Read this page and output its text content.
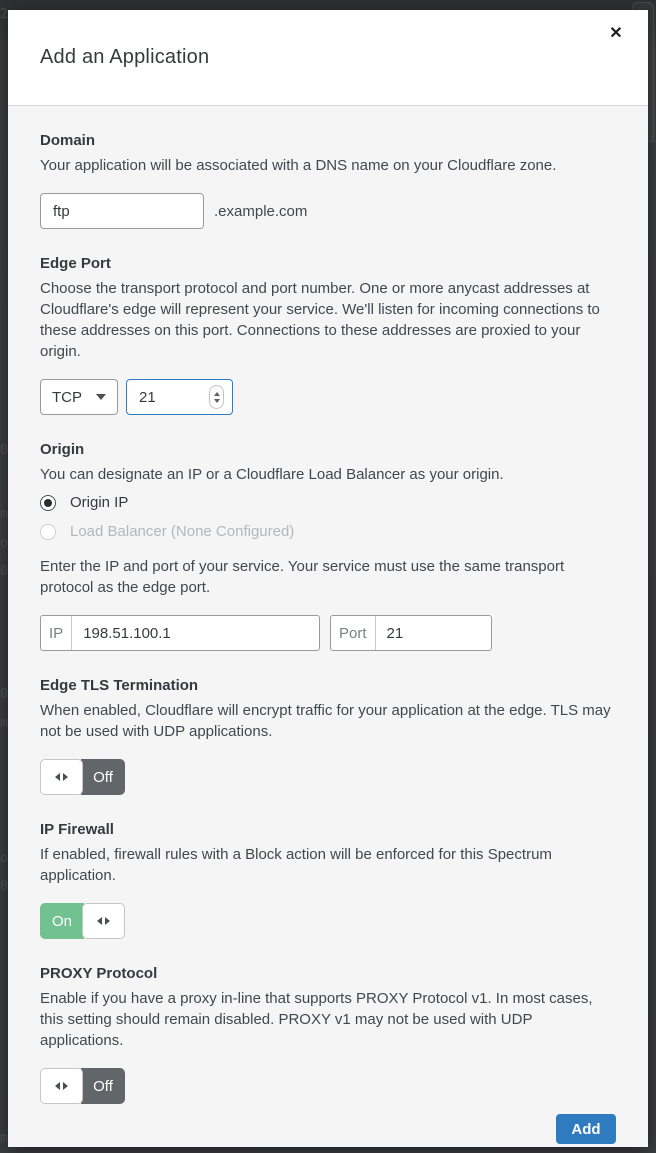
2
0
m
o
0
0
m
o
0
m
Add an Application
✕
Domain
Your application will be associated with a DNS name on your Cloudflare zone.
ftp	.example.com
Edge Port
Choose the transport protocol and port number. One or more anycast addresses at Cloudflare's edge will represent your service. We'll listen for incoming connections to these addresses on this port. Connections to these addresses are proxied to your origin.
TCP	21
Origin
You can designate an IP or a Cloudflare Load Balancer as your origin.
Origin IP
Load Balancer (None Configured)
Enter the IP and port of your service. Your service must use the same transport protocol as the edge port.
IP	198.51.100.1	Port	21
Edge TLS Termination
When enabled, Cloudflare will encrypt traffic for your application at the edge. TLS may not be used with UDP applications.
Off
IP Firewall
If enabled, firewall rules with a Block action will be enforced for this Spectrum application.
On
PROXY Protocol
Enable if you have a proxy in-line that supports PROXY Protocol v1. In most cases, this setting should remain disabled. PROXY v1 may not be used with UDP applications.
Off
Add
